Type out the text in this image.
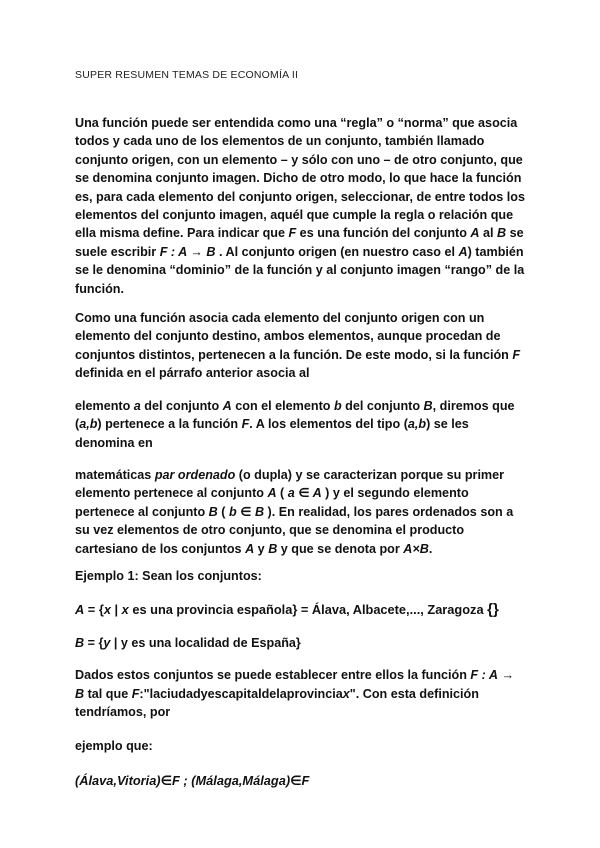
SUPER RESUMEN TEMAS DE ECONOMÍA II

Una función puede ser entendida como una “regla” o “norma” que asocia todos y cada uno de los elementos de un conjunto, también llamado conjunto origen, con un elemento – y sólo con uno – de otro conjunto, que se denomina conjunto imagen. Dicho de otro modo, lo que hace la función es, para cada elemento del conjunto origen, seleccionar, de entre todos los elementos del conjunto imagen, aquél que cumple la regla o relación que ella misma define. Para indicar que F es una función del conjunto A al B se suele escribir F : A → B . Al conjunto origen (en nuestro caso el A) también se le denomina “dominio” de la función y al conjunto imagen “rango” de la función.

Como una función asocia cada elemento del conjunto origen con un elemento del conjunto destino, ambos elementos, aunque procedan de conjuntos distintos, pertenecen a la función. De este modo, si la función F definida en el párrafo anterior asocia al

elemento a del conjunto A con el elemento b del conjunto B, diremos que (a,b) pertenece a la función F. A los elementos del tipo (a,b) se les denomina en

matemáticas par ordenado (o dupla) y se caracterizan porque su primer elemento pertenece al conjunto A ( a ∈ A ) y el segundo elemento pertenece al conjunto B ( b ∈ B ). En realidad, los pares ordenados son a su vez elementos de otro conjunto, que se denomina el producto cartesiano de los conjuntos A y B y que se denota por A×B.

Ejemplo 1: Sean los conjuntos:

A = {x | x es una provincia española} = Álava, Albacete,..., Zaragoza {}

B = {y | y es una localidad de España}

Dados estos conjuntos se puede establecer entre ellos la función F : A → B tal que F:"laciudadyescapitaldelaprovinciax". Con esta definición tendríamos, por

ejemplo que:

(Álava,Vitoria)∈F ; (Málaga,Málaga)∈F
